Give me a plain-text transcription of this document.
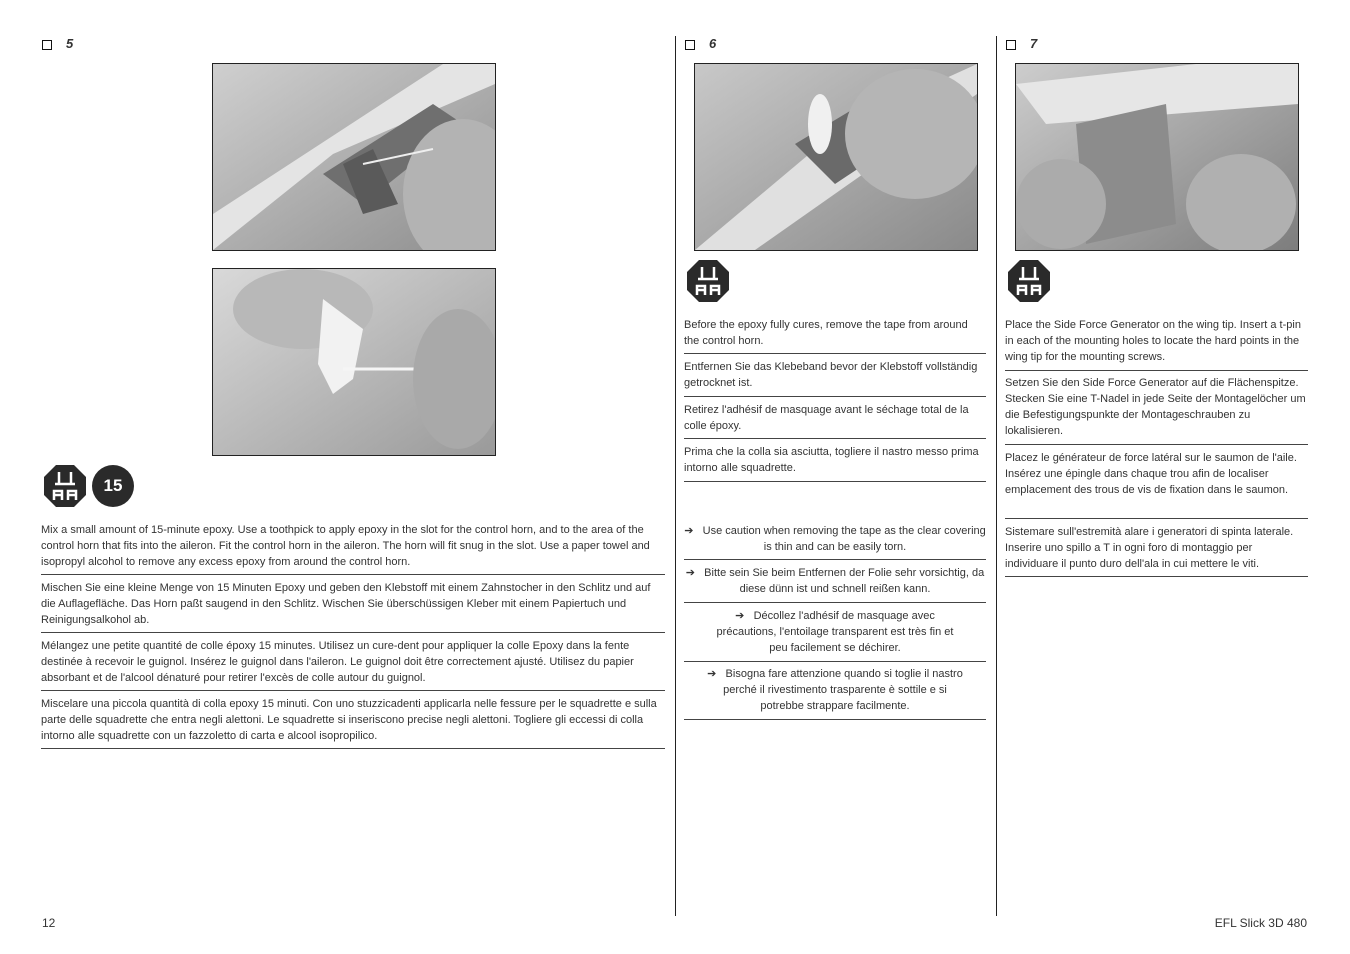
5	6	7
15
Mix a small amount of 15-minute epoxy. Use a toothpick to apply epoxy in the slot for the control horn, and to the area of the control horn that fits into the aileron. Fit the control horn in the aileron. The horn will fit snug in the slot. Use a paper towel and isopropyl alcohol to remove any excess epoxy from around the control horn.
Mischen Sie eine kleine Menge von 15 Minuten Epoxy und geben den Klebstoff mit einem Zahnstocher in den Schlitz und auf die Auflagefläche. Das Horn paßt saugend in den Schlitz. Wischen Sie überschüssigen Kleber mit einem Papiertuch und Reinigungsalkohol ab.
Mélangez une petite quantité de colle époxy 15 minutes. Utilisez un cure-dent pour appliquer la colle Epoxy dans la fente destinée à recevoir le guignol. Insérez le guignol dans l'aileron. Le guignol doit être correctement ajusté. Utilisez du papier absorbant et de l'alcool dénaturé pour retirer l'excès de colle autour du guignol.
Miscelare una piccola quantità di colla epoxy 15 minuti. Con uno stuzzicadenti applicarla nelle fessure per le squadrette e sulla parte delle squadrette che entra negli alettoni. Le squadrette si inseriscono precise negli alettoni. Togliere gli eccessi di colla intorno alle squadrette con un fazzoletto di carta e alcool isopropilico.
Before the epoxy fully cures, remove the tape from around the control horn.
Entfernen Sie das Klebeband bevor der Klebstoff vollständig getrocknet ist.
Retirez l'adhésif de masquage avant le séchage total de la colle époxy.
Prima che la colla sia asciutta, togliere il nastro messo prima intorno alle squadrette.
➔ Use caution when removing the tape as the clear covering is thin and can be easily torn.
➔ Bitte sein Sie beim Entfernen der Folie sehr vorsichtig, da diese dünn ist und schnell reißen kann.
➔ Décollez l'adhésif de masquage avec précautions, l'entoilage transparent est très fin et peu facilement se déchirer.
➔ Bisogna fare attenzione quando si toglie il nastro perché il rivestimento trasparente è sottile e si potrebbe strappare facilmente.
Place the Side Force Generator on the wing tip. Insert a t-pin in each of the mounting holes to locate the hard points in the wing tip for the mounting screws.
Setzen Sie den Side Force Generator auf die Flächenspitze. Stecken Sie eine T-Nadel in jede Seite der Montagelöcher um die Befestigungspunkte der Montageschrauben zu lokalisieren.
Placez le générateur de force latéral sur le saumon de l'aile. Insérez une épingle dans chaque trou afin de localiser emplacement des trous de vis de fixation dans le saumon.
Sistemare sull'estremità alare i generatori di spinta laterale. Inserire uno spillo a T in ogni foro di montaggio per individuare il punto duro dell'ala in cui mettere le viti.
12	EFL Slick 3D 480
